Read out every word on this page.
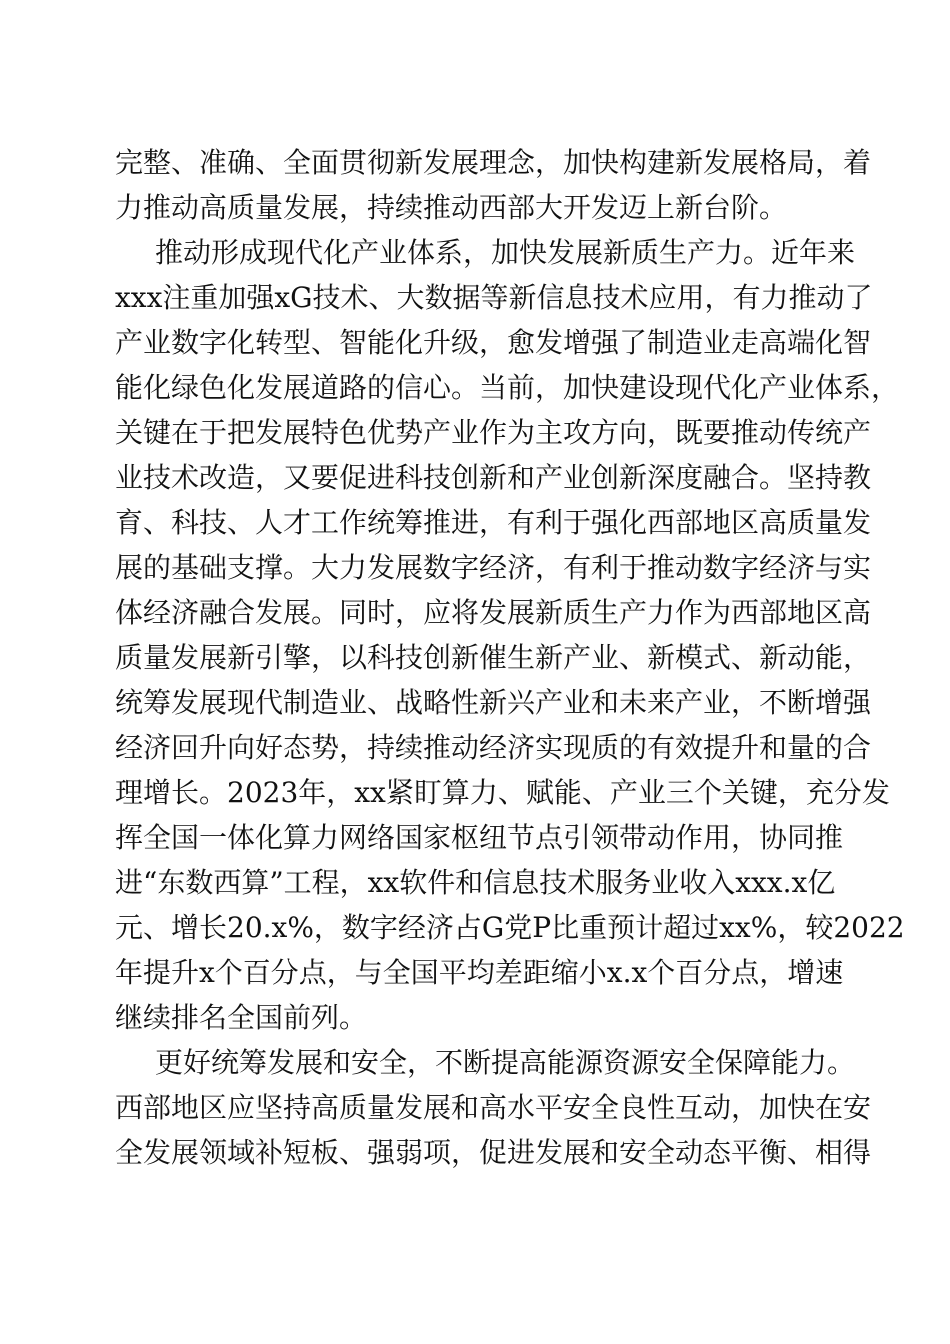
完整、准确、全面贯彻新发展理念，加快构建新发展格局，着
力推动高质量发展，持续推动西部大开发迈上新台阶。
推动形成现代化产业体系，加快发展新质生产力。近年来
xxx注重加强xG技术、大数据等新信息技术应用，有力推动了
产业数字化转型、智能化升级，愈发增强了制造业走高端化智
能化绿色化发展道路的信心。当前，加快建设现代化产业体系，
关键在于把发展特色优势产业作为主攻方向，既要推动传统产
业技术改造，又要促进科技创新和产业创新深度融合。坚持教
育、科技、人才工作统筹推进，有利于强化西部地区高质量发
展的基础支撑。大力发展数字经济，有利于推动数字经济与实
体经济融合发展。同时，应将发展新质生产力作为西部地区高
质量发展新引擎，以科技创新催生新产业、新模式、新动能，
统筹发展现代制造业、战略性新兴产业和未来产业，不断增强
经济回升向好态势，持续推动经济实现质的有效提升和量的合
理增长。2023年，xx紧盯算力、赋能、产业三个关键，充分发
挥全国一体化算力网络国家枢纽节点引领带动作用，协同推
进“东数西算”工程，xx软件和信息技术服务业收入xxx.x亿
元、增长20.x%，数字经济占G党P比重预计超过xx%，较2022
年提升x个百分点，与全国平均差距缩小x.x个百分点，增速
继续排名全国前列。
更好统筹发展和安全，不断提高能源资源安全保障能力。
西部地区应坚持高质量发展和高水平安全良性互动，加快在安
全发展领域补短板、强弱项，促进发展和安全动态平衡、相得
